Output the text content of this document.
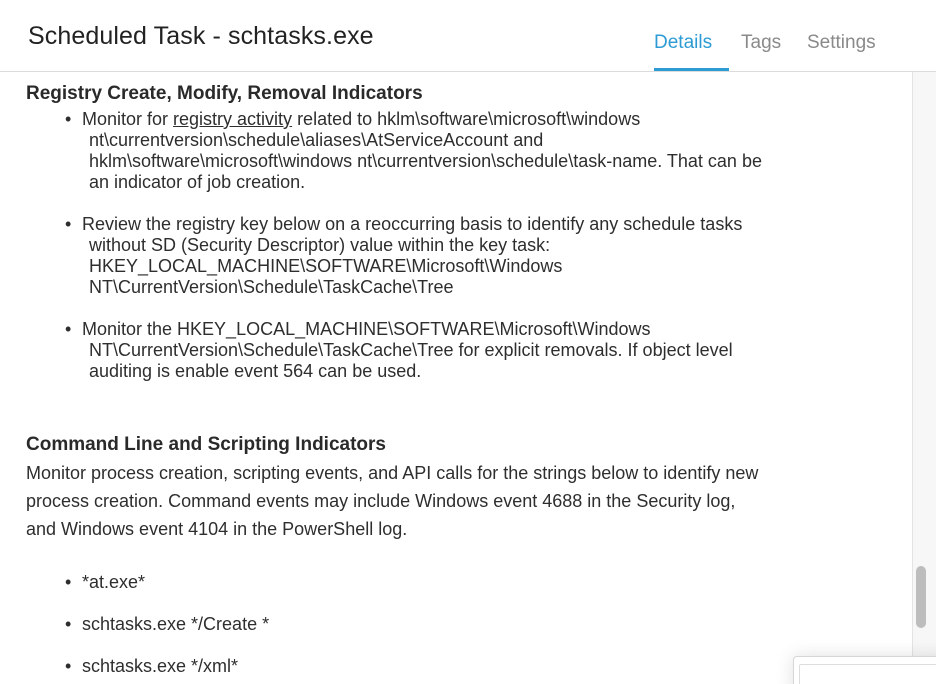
Scheduled Task - schtasks.exe	Details	Tags Settings
Registry Create, Modify, Removal Indicators
• Monitor for registry activity related to hklm\software\microsoft\windows
nt\currentversion\schedule\aliases\AtServiceAccount and
hklm\software\microsoft\windows nt\currentversion\schedule\task-name. That can be
an indicator of job creation.
• Review the registry key below on a reoccurring basis to identify any schedule tasks
without SD (Security Descriptor) value within the key task:
HKEY_LOCAL_MACHINE\SOFTWARE\Microsoft\Windows
NT\CurrentVersion\Schedule\TaskCache\Tree
• Monitor the HKEY_LOCAL_MACHINE\SOFTWARE\Microsoft\Windows
NT\CurrentVersion\Schedule\TaskCache\Tree for explicit removals. If object level
auditing is enable event 564 can be used.
Command Line and Scripting Indicators
Monitor process creation, scripting events, and API calls for the strings below to identify new
process creation. Command events may include Windows event 4688 in the Security log,
and Windows event 4104 in the PowerShell log.
• *at.exe*
• schtasks.exe */Create *
• schtasks.exe */xml*
